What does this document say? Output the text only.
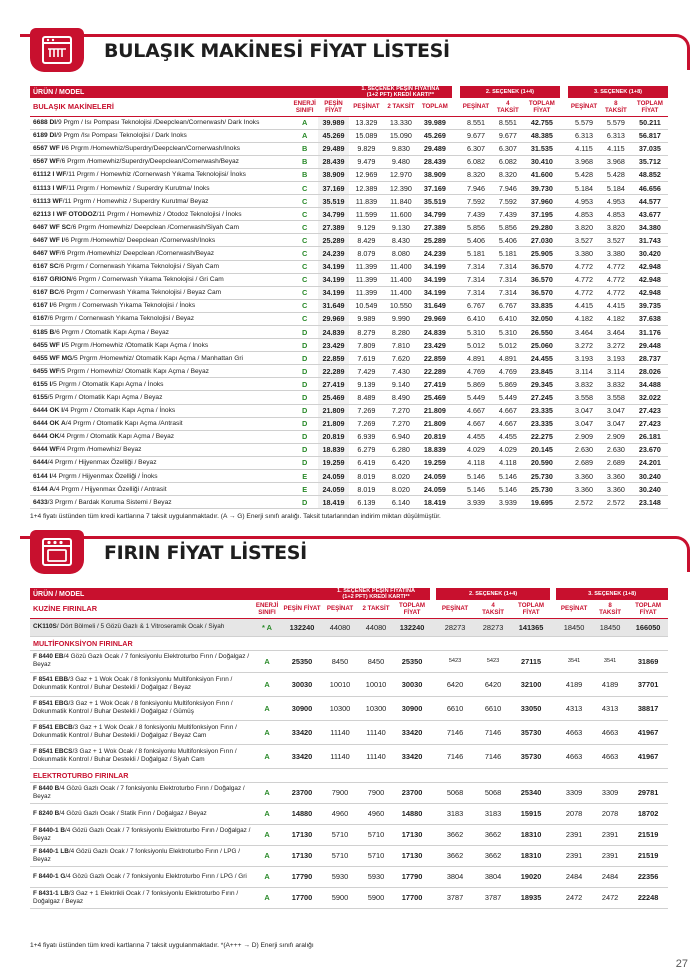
BULAŞIK MAKİNESİ FİYAT LİSTESİ
ÜRÜN / MODEL			1. SEÇENEK PEŞİN FİYATINA
(1+2 PFT) KREDİ KARTI**				2. SEÇENEK (1+4)				3. SEÇENEK (1+8)		
BULAŞIK MAKİNELERİ	ENERJİ
SINIFI	PEŞİN
FİYAT	PEŞİNAT	2 TAKSİT	TOPLAM		PEŞİNAT	4
TAKSİT	TOPLAM
FİYAT		PEŞİNAT	8
TAKSİT	TOPLAM
FİYAT
6688 DI/9 Prgm / Isı Pompası Teknolojisi /Deepclean/Cornerwash/ Dark Inoks	A	39.989	13.329	13.330	39.989		8.551	8.551	42.755		5.579	5.579	50.211
6189 DI/9 Prgm /Isı Pompası Teknolojisi / Dark Inoks	A	45.269	15.089	15.090	45.269		9.677	9.677	48.385		6.313	6.313	56.817
6567 WF I/6 Prgrm /Homewhiz/Superdry/Deepclean/Cornerwash/Inoks	B	29.489	9.829	9.830	29.489		6.307	6.307	31.535		4.115	4.115	37.035
6567 WF/6 Prgrm /Homewhiz/Superdry/Deepclean/Cornerwash/Beyaz	B	28.439	9.479	9.480	28.439		6.082	6.082	30.410		3.968	3.968	35.712
61112 I WF/11 Prgrm / Homewhiz /Cornerwash Yıkama Teknolojisi/ İnoks	B	38.909	12.969	12.970	38.909		8.320	8.320	41.600		5.428	5.428	48.852
61113 I WF/11 Prgrm / Homewhiz / Superdry Kurutma/ Inoks	C	37.169	12.389	12.390	37.169		7.946	7.946	39.730		5.184	5.184	46.656
61113 WF/11 Prgrm / Homewhiz / Superdry Kurutma/ Beyaz	C	35.519	11.839	11.840	35.519		7.592	7.592	37.960		4.953	4.953	44.577
62113 I WF OTODOZ/11 Prgrm / Homewhiz / Otodoz Teknolojisi / İnoks	C	34.799	11.599	11.600	34.799		7.439	7.439	37.195		4.853	4.853	43.677
6467 WF SC/6 Prgrm /Homewhiz/ Deepclean /Cornerwash/Siyah Cam	C	27.389	9.129	9.130	27.389		5.856	5.856	29.280		3.820	3.820	34.380
6467 WF I/6 Prgrm /Homewhiz/ Deepclean /Cornerwash/Inoks	C	25.289	8.429	8.430	25.289		5.406	5.406	27.030		3.527	3.527	31.743
6467 WF/6 Prgrm /Homewhiz/ Deepclean /Cornerwash/Beyaz	C	24.239	8.079	8.080	24.239		5.181	5.181	25.905		3.380	3.380	30.420
6167 SC/6 Prgrm / Cornerwash Yıkama Teknolojisi / Siyah Cam	C	34.199	11.399	11.400	34.199		7.314	7.314	36.570		4.772	4.772	42.948
6167 GRION/6 Prgrm / Cornerwash Yıkama Teknolojisi / Gri Cam	C	34.199	11.399	11.400	34.199		7.314	7.314	36.570		4.772	4.772	42.948
6167 BC/6 Prgrm / Cornerwash Yıkama Teknolojisi / Beyaz Cam	C	34.199	11.399	11.400	34.199		7.314	7.314	36.570		4.772	4.772	42.948
6167 I/6 Prgrm / Cornerwash Yıkama Teknolojisi / İnoks	C	31.649	10.549	10.550	31.649		6.767	6.767	33.835		4.415	4.415	39.735
6167/6 Prgrm / Cornerwash Yıkama Teknolojisi / Beyaz	C	29.969	9.989	9.990	29.969		6.410	6.410	32.050		4.182	4.182	37.638
6185 B/6 Prgrm / Otomatik Kapı Açma / Beyaz	D	24.839	8.279	8.280	24.839		5.310	5.310	26.550		3.464	3.464	31.176
6455 WF I/5 Prgrm /Homewhiz /Otomatik Kapı Açma / Inoks	D	23.429	7.809	7.810	23.429		5.012	5.012	25.060		3.272	3.272	29.448
6455 WF MG/5 Prgrm /Homewhiz/ Otomatik Kapı Açma / Manhattan Gri	D	22.859	7.619	7.620	22.859		4.891	4.891	24.455		3.193	3.193	28.737
6455 WF/5 Prgrm / Homewhiz/ Otomatik Kapı Açma / Beyaz	D	22.289	7.429	7.430	22.289		4.769	4.769	23.845		3.114	3.114	28.026
6155 I/5 Prgrm / Otomatik Kapı Açma / İnoks	D	27.419	9.139	9.140	27.419		5.869	5.869	29.345		3.832	3.832	34.488
6155/5 Prgrm / Otomatik Kapı Açma / Beyaz	D	25.469	8.489	8.490	25.469		5.449	5.449	27.245		3.558	3.558	32.022
6444 OK I/4 Prgrm / Otomatik Kapı Açma / İnoks	D	21.809	7.269	7.270	21.809		4.667	4.667	23.335		3.047	3.047	27.423
6444 OK A/4 Prgrm / Otomatik Kapı Açma /Antrasit	D	21.809	7.269	7.270	21.809		4.667	4.667	23.335		3.047	3.047	27.423
6444 OK/4 Prgrm / Otomatik Kapı Açma / Beyaz	D	20.819	6.939	6.940	20.819		4.455	4.455	22.275		2.909	2.909	26.181
6444 WF/4 Prgrm /Homewhiz/ Beyaz	D	18.839	6.279	6.280	18.839		4.029	4.029	20.145		2.630	2.630	23.670
6444/4 Prgrm / Hijyenmax Özelliği / Beyaz	D	19.259	6.419	6.420	19.259		4.118	4.118	20.590		2.689	2.689	24.201
6144 I/4 Prgrm / Hijyenmax Özelliği / İnoks	E	24.059	8.019	8.020	24.059		5.146	5.146	25.730		3.360	3.360	30.240
6144 A/4 Prgrm / Hijyenmax Özelliği / Antrasit	E	24.059	8.019	8.020	24.059		5.146	5.146	25.730		3.360	3.360	30.240
6433/3 Prgrm / Bardak Koruma Sistemi / Beyaz	D	18.419	6.139	6.140	18.419		3.939	3.939	19.695		2.572	2.572	23.148
1+4 fiyatı üstünden tüm kredi kartlarına 7 taksit uygulanmaktadır. (A → G) Enerji sınıfı aralığı. Taksit tutarlarından indirim miktarı düşülmüştür.
FIRIN FİYAT LİSTESİ
ÜRÜN / MODEL			1. SEÇENEK PEŞİN FİYATINA
(1+2 PFT) KREDİ KARTI**				2. SEÇENEK (1+4)				3. SEÇENEK (1+8)		
KUZİNE FIRINLAR	ENERJİ
SINIFI	PEŞİN FİYAT	PEŞİNAT	2 TAKSİT	TOPLAM
FİYAT		PEŞİNAT	4
TAKSİT	TOPLAM
FİYAT		PEŞİNAT	8
TAKSİT	TOPLAM
FİYAT
CK110S/ Dört Bölmeli / 5 Gözü Gazlı & 1 Vitroseramik Ocak / Siyah	* A	132240	44080	44080	132240		28273	28273	141365		18450	18450	166050
MULTİFONKSİYON FIRINLAR													
F 8440 EB/4 Gözü Gazlı Ocak / 7 fonksiyonlu Elektroturbo Fırın / Doğalgaz / Beyaz	A	25350	8450	8450	25350		5423	5423	27115		3541	3541	31869
F 8541 EBB/3 Gaz + 1 Wok Ocak / 8 fonksiyonlu Multifonksiyon Fırın / Dokunmatik Kontrol / Buhar Destekli / Doğalgaz / Beyaz	A	30030	10010	10010	30030		6420	6420	32100		4189	4189	37701
F 8541 EBG/3 Gaz + 1 Wok Ocak / 8 fonksiyonlu Multifonksiyon Fırın / Dokunmatik Kontrol / Buhar Destekli / Doğalgaz / Gümüş	A	30900	10300	10300	30900		6610	6610	33050		4313	4313	38817
F 8541 EBCB/3 Gaz + 1 Wok Ocak / 8 fonksiyonlu Multifonksiyon Fırın / Dokunmatik Kontrol / Buhar Destekli / Doğalgaz / Beyaz Cam	A	33420	11140	11140	33420		7146	7146	35730		4663	4663	41967
F 8541 EBCS/3 Gaz + 1 Wok Ocak / 8 fonksiyonlu Multifonksiyon Fırın / Dokunmatik Kontrol / Buhar Destekli / Doğalgaz / Siyah Cam	A	33420	11140	11140	33420		7146	7146	35730		4663	4663	41967
ELEKTROTURBO FIRINLAR													
F 8440 B/4 Gözü Gazlı Ocak / 7 fonksiyonlu Elektroturbo Fırın / Doğalgaz / Beyaz	A	23700	7900	7900	23700		5068	5068	25340		3309	3309	29781
F 8240 B/4 Gözü Gazlı Ocak / Statik Fırın / Doğalgaz / Beyaz	A	14880	4960	4960	14880		3183	3183	15915		2078	2078	18702
F 8440-1 B/4 Gözü Gazlı Ocak / 7 fonksiyonlu Elektroturbo Fırın / Doğalgaz / Beyaz	A	17130	5710	5710	17130		3662	3662	18310		2391	2391	21519
F 8440-1 LB/4 Gözü Gazlı Ocak / 7 fonksiyonlu Elektroturbo Fırın / LPG / Beyaz	A	17130	5710	5710	17130		3662	3662	18310		2391	2391	21519
F 8440-1 G/4 Gözü Gazlı Ocak / 7 fonksiyonlu Elektroturbo Fırın / LPG / Gri	A	17790	5930	5930	17790		3804	3804	19020		2484	2484	22356
F 8431-1 LB/3 Gaz + 1 Elektrikli Ocak / 7 fonksiyonlu Elektroturbo Fırın / Doğalgaz / Beyaz	A	17700	5900	5900	17700		3787	3787	18935		2472	2472	22248
1+4 fiyatı üstünden tüm kredi kartlarına 7 taksit uygulanmaktadır. *(A+++ → D) Enerji sınıfı aralığı
27
